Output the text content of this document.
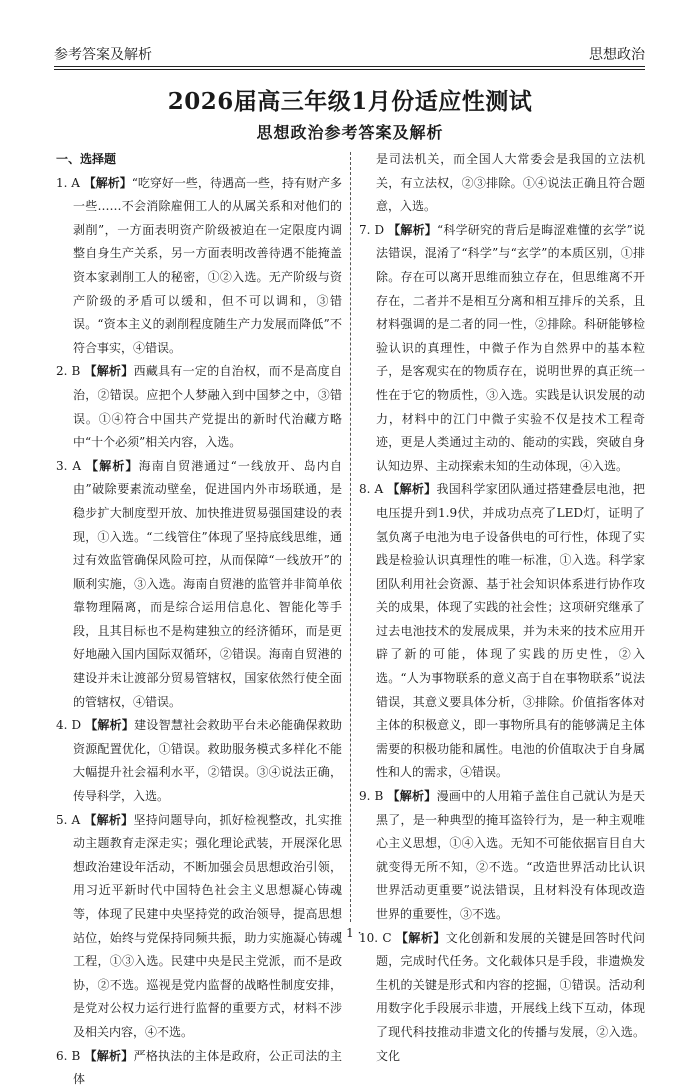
参考答案及解析	思想政治
2026届高三年级1月份适应性测试
思想政治参考答案及解析
一、选择题
1. A 【解析】“吃穿好一些，待遇高一些，持有财产多一些……不会消除雇佣工人的从属关系和对他们的剥削”，一方面表明资产阶级被迫在一定限度内调整自身生产关系，另一方面表明改善待遇不能掩盖资本家剥削工人的秘密，①②入选。无产阶级与资产阶级的矛盾可以缓和，但不可以调和，③错误。“资本主义的剥削程度随生产力发展而降低”不符合事实，④错误。
2. B 【解析】西藏具有一定的自治权，而不是高度自治，②错误。应把个人梦融入到中国梦之中，③错误。①④符合中国共产党提出的新时代治藏方略中“十个必须”相关内容，入选。
3. A 【解析】海南自贸港通过“一线放开、岛内自由”破除要素流动壁垒，促进国内外市场联通，是稳步扩大制度型开放、加快推进贸易强国建设的表现，①入选。“二线管住”体现了坚持底线思维，通过有效监管确保风险可控，从而保障“一线放开”的顺利实施，③入选。海南自贸港的监管并非简单依靠物理隔离，而是综合运用信息化、智能化等手段，且其目标也不是构建独立的经济循环，而是更好地融入国内国际双循环，②错误。海南自贸港的建设并未让渡部分贸易管辖权，国家依然行使全面的管辖权，④错误。
4. D 【解析】建设智慧社会救助平台未必能确保救助资源配置优化，①错误。救助服务模式多样化不能大幅提升社会福利水平，②错误。③④说法正确，传导科学，入选。
5. A 【解析】坚持问题导向，抓好检视整改，扎实推动主题教育走深走实；强化理论武装，开展深化思想政治建设年活动，不断加强会员思想政治引领，用习近平新时代中国特色社会主义思想凝心铸魂等，体现了民建中央坚持党的政治领导，提高思想站位，始终与党保持同频共振，助力实施凝心铸魂工程，①③入选。民建中央是民主党派，而不是政协，②不选。巡视是党内监督的战略性制度安排，是党对公权力运行进行监督的重要方式，材料不涉及相关内容，④不选。
6. B 【解析】严格执法的主体是政府，公正司法的主体
是司法机关，而全国人大常委会是我国的立法机关，有立法权，②③排除。①④说法正确且符合题意，入选。
7. D 【解析】“科学研究的背后是晦涩难懂的玄学”说法错误，混淆了“科学”与“玄学”的本质区别，①排除。存在可以离开思维而独立存在，但思维离不开存在，二者并不是相互分离和相互排斥的关系，且材料强调的是二者的同一性，②排除。科研能够检验认识的真理性，中微子作为自然界中的基本粒子，是客观实在的物质存在，说明世界的真正统一性在于它的物质性，③入选。实践是认识发展的动力，材料中的江门中微子实验不仅是技术工程奇迹，更是人类通过主动的、能动的实践，突破自身认知边界、主动探索未知的生动体现，④入选。
8. A 【解析】我国科学家团队通过搭建叠层电池，把电压提升到1.9伏，并成功点亮了LED灯，证明了氢负离子电池为电子设备供电的可行性，体现了实践是检验认识真理性的唯一标准，①入选。科学家团队利用社会资源、基于社会知识体系进行协作攻关的成果，体现了实践的社会性；这项研究继承了过去电池技术的发展成果，并为未来的技术应用开辟了新的可能，体现了实践的历史性，②入选。“人为事物联系的意义高于自在事物联系”说法错误，其意义要具体分析，③排除。价值指客体对主体的积极意义，即一事物所具有的能够满足主体需要的积极功能和属性。电池的价值取决于自身属性和人的需求，④错误。
9. B 【解析】漫画中的人用箱子盖住自己就认为是天黑了，是一种典型的掩耳盗铃行为，是一种主观唯心主义思想，①④入选。无知不可能依据盲目自大就变得无所不知，②不选。“改造世界活动比认识世界活动更重要”说法错误，且材料没有体现改造世界的重要性，③不选。
10. C 【解析】文化创新和发展的关键是回答时代问题，完成时代任务。文化载体只是手段，非遗焕发生机的关键是形式和内容的挖掘，①错误。活动利用数字化手段展示非遗，开展线上线下互动，体现了现代科技推动非遗文化的传播与发展，②入选。文化
· 1 ·
